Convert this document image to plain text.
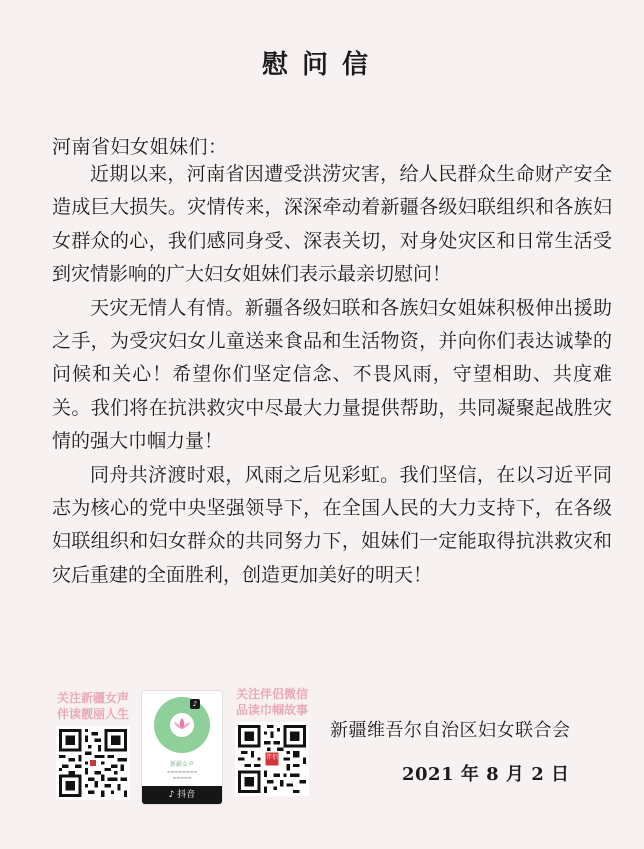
慰问信
河南省妇女姐妹们：

近期以来，河南省因遭受洪涝灾害，给人民群众生命财产安全造成巨大损失。灾情传来，深深牵动着新疆各级妇联组织和各族妇女群众的心，我们感同身受、深表关切，对身处灾区和日常生活受到灾情影响的广大妇女姐妹们表示最亲切慰问！

天灾无情人有情。新疆各级妇联和各族妇女姐妹积极伸出援助之手，为受灾妇女儿童送来食品和生活物资，并向你们表达诚挚的问候和关心！希望你们坚定信念、不畏风雨，守望相助、共度难关。我们将在抗洪救灾中尽最大力量提供帮助，共同凝聚起战胜灾情的强大巾帼力量！

同舟共济渡时艰，风雨之后见彩虹。我们坚信，在以习近平同志为核心的党中央坚强领导下，在全国人民的大力支持下，在各级妇联组织和妇女群众的共同努力下，姐妹们一定能取得抗洪救灾和灾后重建的全面胜利，创造更加美好的明天！

关注新疆女声
伴读靓丽人生
♪
新疆女声
▬▬▬▬▬▬▬▬
▬▬▬▬▬
♪ 抖音
关注伴侣微信
品读巾帼故事
伴侣
新疆维吾尔自治区妇女联合会
2021 年 8 月 2 日
